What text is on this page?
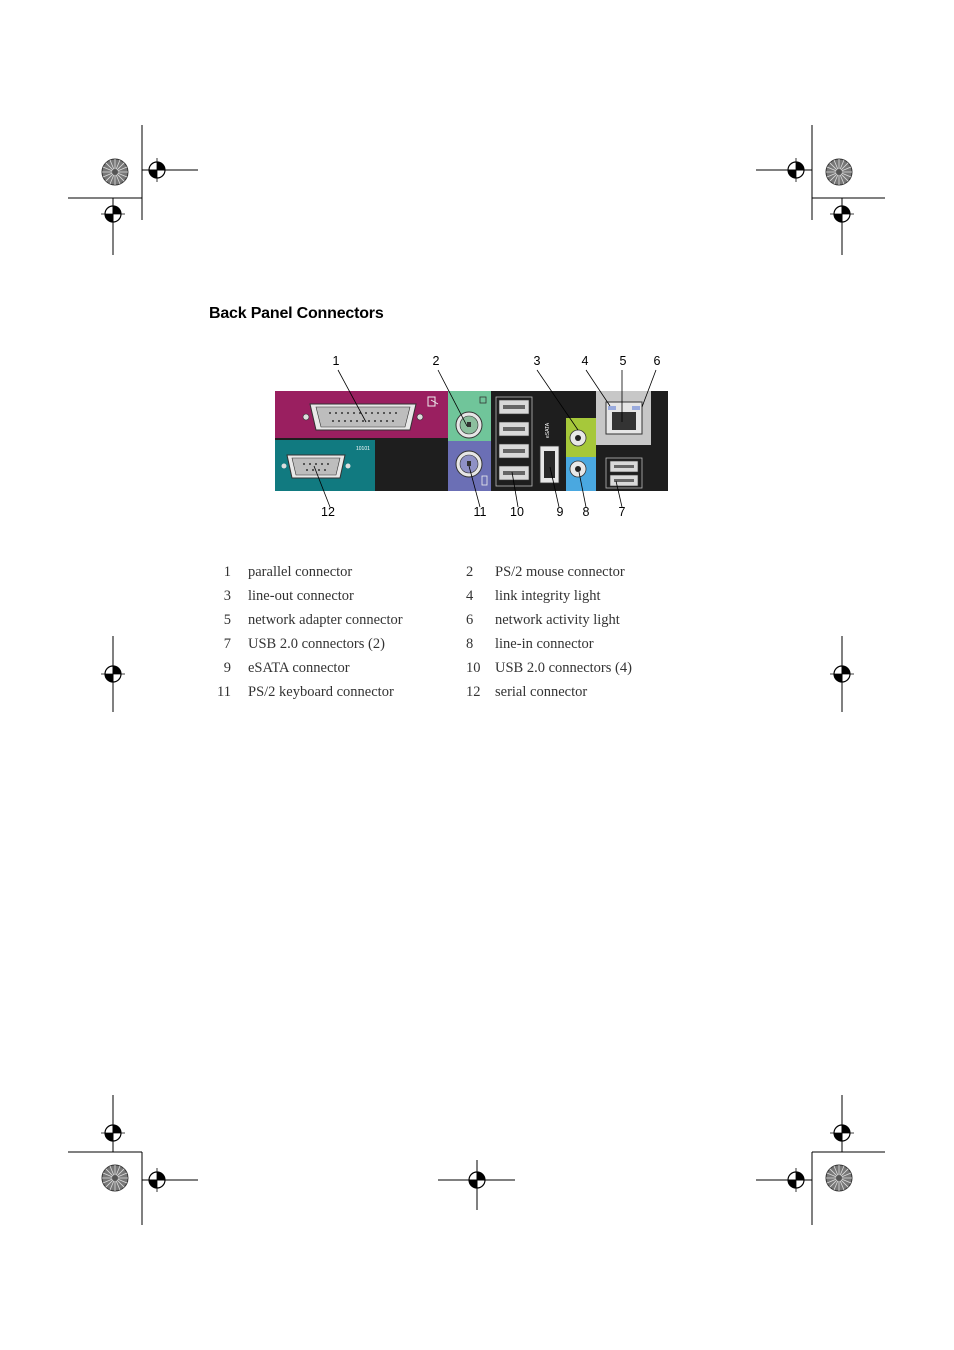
Back Panel Connectors
10101
eSATA
1	2	3	4	5	6
12	11	10	9	8	7
1	parallel connector	2	PS/2 mouse connector
3	line-out connector	4	link integrity light
5	network adapter connector	6	network activity light
7	USB 2.0 connectors (2)	8	line-in connector
9	eSATA connector	10	USB 2.0 connectors (4)
11	PS/2 keyboard connector	12	serial connector
